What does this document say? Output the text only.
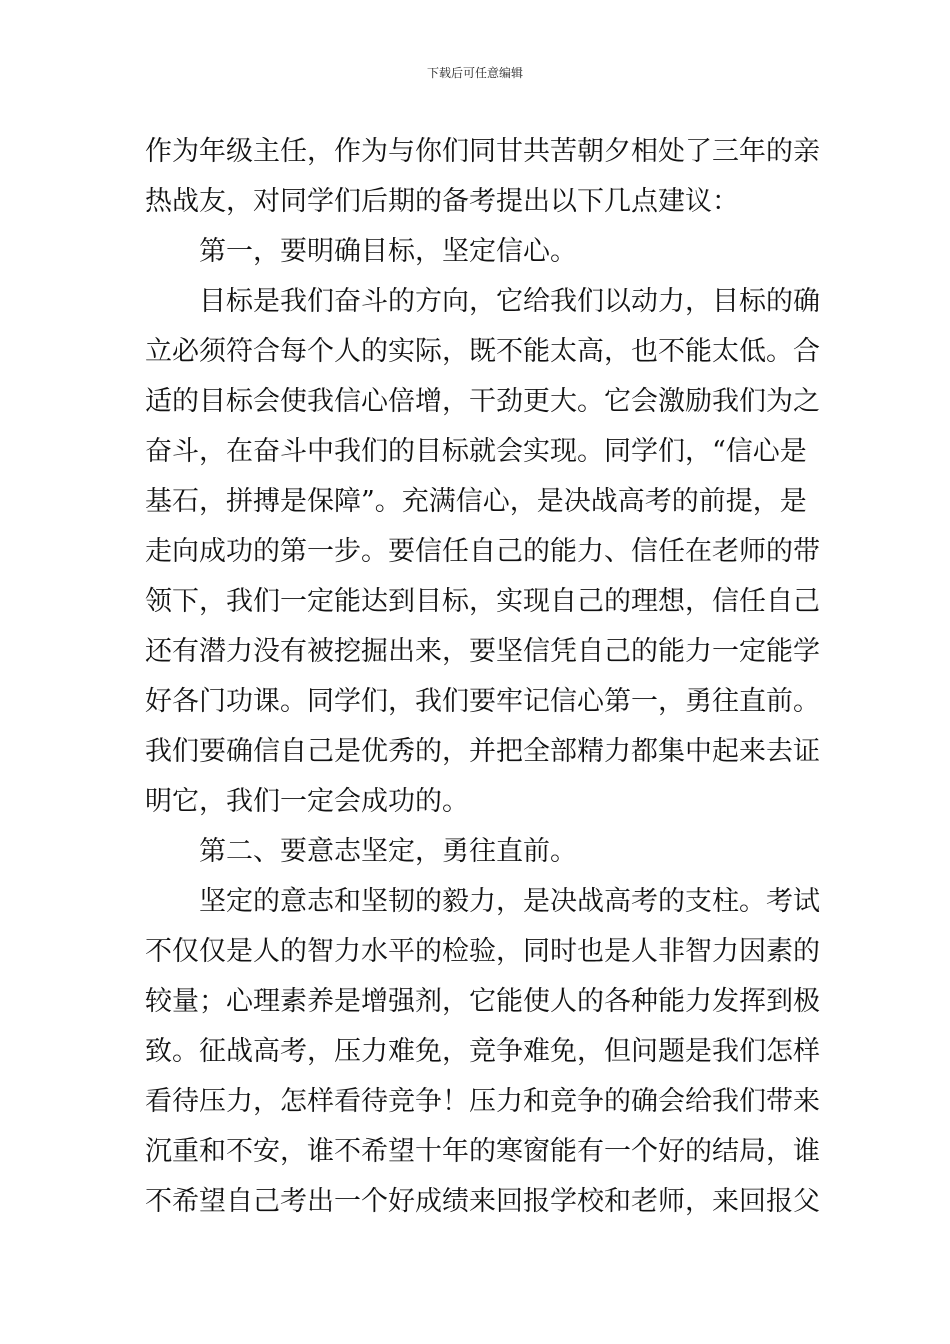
下载后可任意编辑
作为年级主任，作为与你们同甘共苦朝夕相处了三年的亲
热战友，对同学们后期的备考提出以下几点建议：
第一，要明确目标，坚定信心。
目标是我们奋斗的方向，它给我们以动力，目标的确
立必须符合每个人的实际，既不能太高，也不能太低。合
适的目标会使我信心倍增，干劲更大。它会激励我们为之
奋斗，在奋斗中我们的目标就会实现。同学们，“信心是
基石，拼搏是保障”。充满信心，是决战高考的前提，是
走向成功的第一步。要信任自己的能力、信任在老师的带
领下，我们一定能达到目标，实现自己的理想，信任自己
还有潜力没有被挖掘出来，要坚信凭自己的能力一定能学
好各门功课。同学们，我们要牢记信心第一，勇往直前。
我们要确信自己是优秀的，并把全部精力都集中起来去证
明它，我们一定会成功的。
第二、要意志坚定，勇往直前。
坚定的意志和坚韧的毅力，是决战高考的支柱。考试
不仅仅是人的智力水平的检验，同时也是人非智力因素的
较量；心理素养是增强剂，它能使人的各种能力发挥到极
致。征战高考，压力难免，竞争难免，但问题是我们怎样
看待压力，怎样看待竞争！压力和竞争的确会给我们带来
沉重和不安，谁不希望十年的寒窗能有一个好的结局，谁
不希望自己考出一个好成绩来回报学校和老师，来回报父
